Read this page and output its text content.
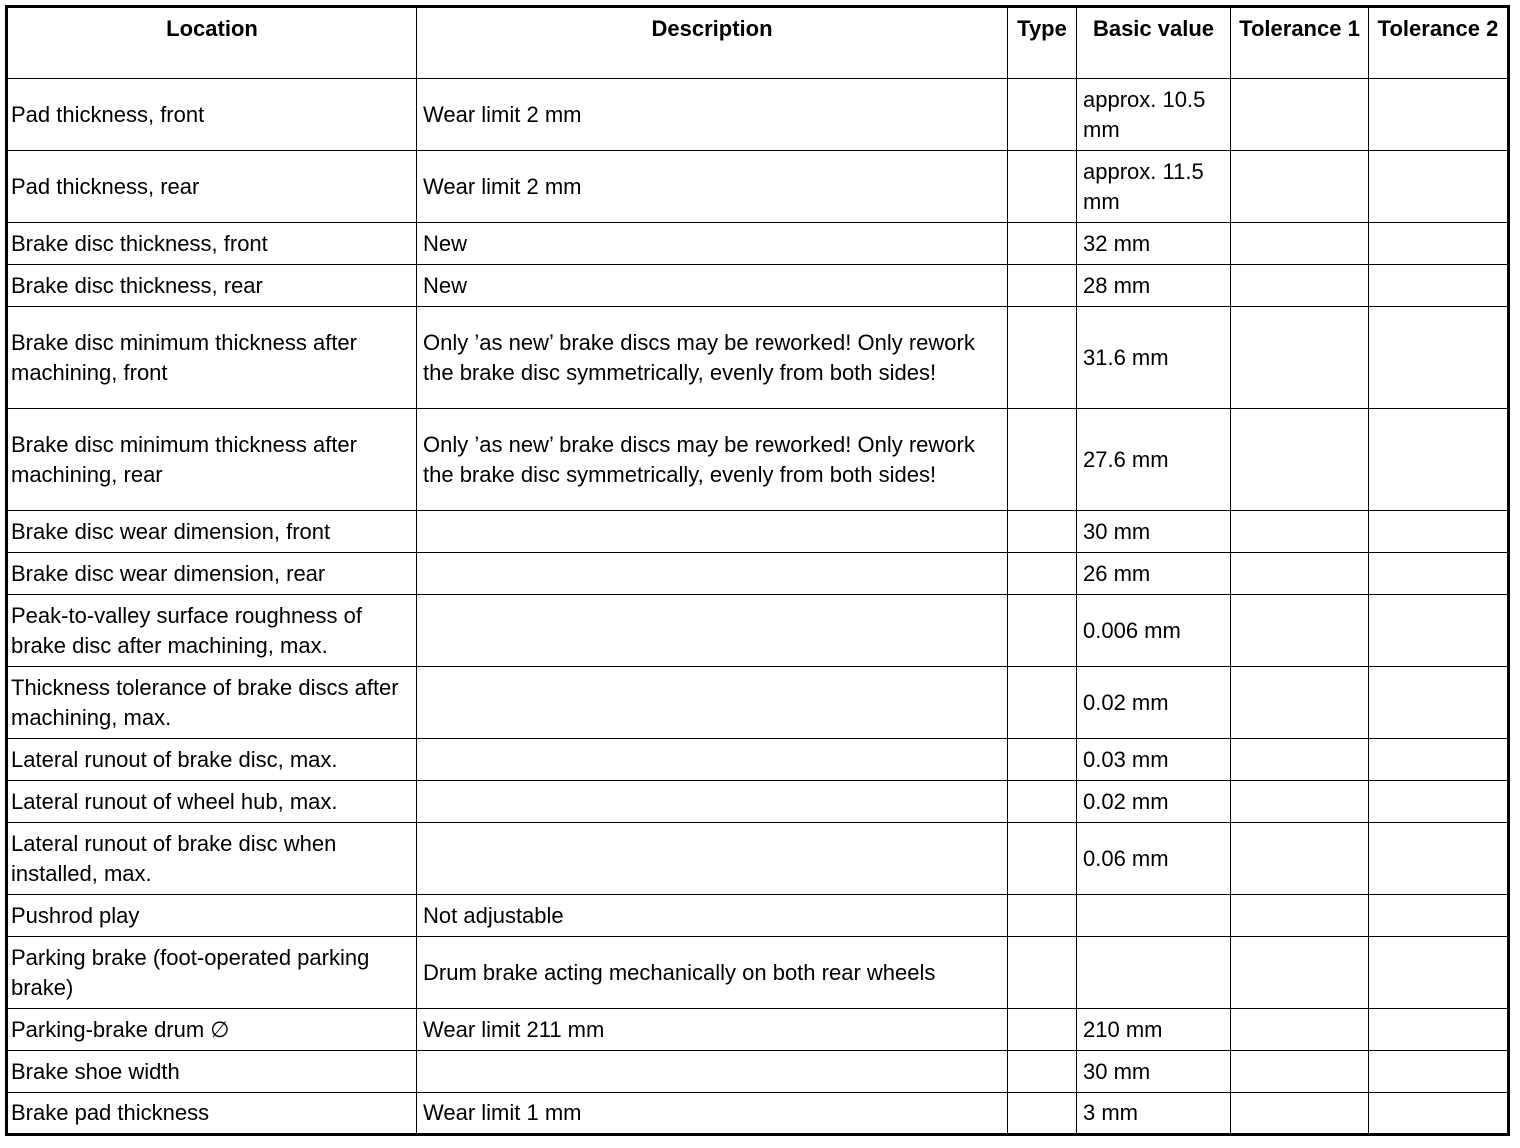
Location	Description	Type	Basic value	Tolerance 1	Tolerance 2
Pad thickness, front	Wear limit 2 mm		approx. 10.5 mm		
Pad thickness, rear	Wear limit 2 mm		approx. 11.5 mm		
Brake disc thickness, front	New		32 mm		
Brake disc thickness, rear	New		28 mm		
Brake disc minimum thickness after machining, front	Only ’as new’ brake discs may be reworked! Only rework the brake disc symmetrically, evenly from both sides!		31.6 mm		
Brake disc minimum thickness after machining, rear	Only ’as new’ brake discs may be reworked! Only rework the brake disc symmetrically, evenly from both sides!		27.6 mm		
Brake disc wear dimension, front			30 mm		
Brake disc wear dimension, rear			26 mm		
Peak-to-valley surface roughness of brake disc after machining, max.			0.006 mm		
Thickness tolerance of brake discs after machining, max.			0.02 mm		
Lateral runout of brake disc, max.			0.03 mm		
Lateral runout of wheel hub, max.			0.02 mm		
Lateral runout of brake disc when installed, max.			0.06 mm		
Pushrod play	Not adjustable				
Parking brake (foot-operated parking brake)	Drum brake acting mechanically on both rear wheels				
Parking-brake drum ∅	Wear limit 211 mm		210 mm		
Brake shoe width			30 mm		
Brake pad thickness	Wear limit 1 mm		3 mm		
